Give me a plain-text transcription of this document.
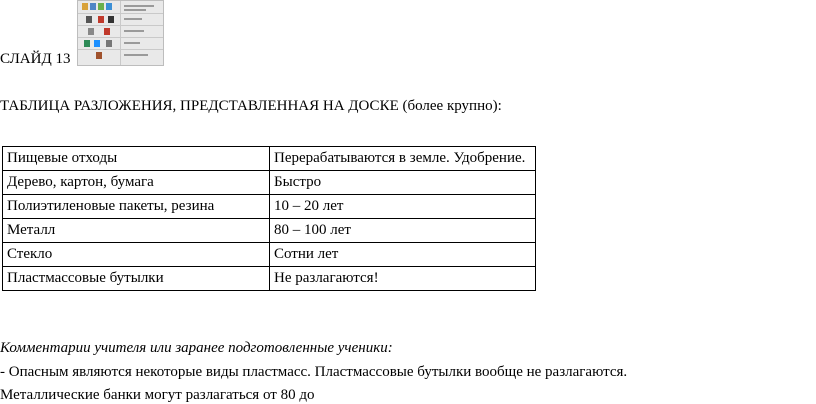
СЛАЙД 13
ТАБЛИЦА РАЗЛОЖЕНИЯ, ПРЕДСТАВЛЕННАЯ НА ДОСКЕ (более крупно):
Пищевые отходы	Перерабатываются в земле. Удобрение.
Дерево, картон, бумага	Быстро
Полиэтиленовые пакеты, резина	10 – 20 лет
Металл	80 – 100 лет
Стекло	Сотни лет
Пластмассовые бутылки	Не разлагаются!
Комментарии учителя или заранее подготовленные ученики:
- Опасным являются некоторые виды пластмасс. Пластмассовые бутылки вообще не разлагаются.
Металлические банки могут разлагаться от 80 до
